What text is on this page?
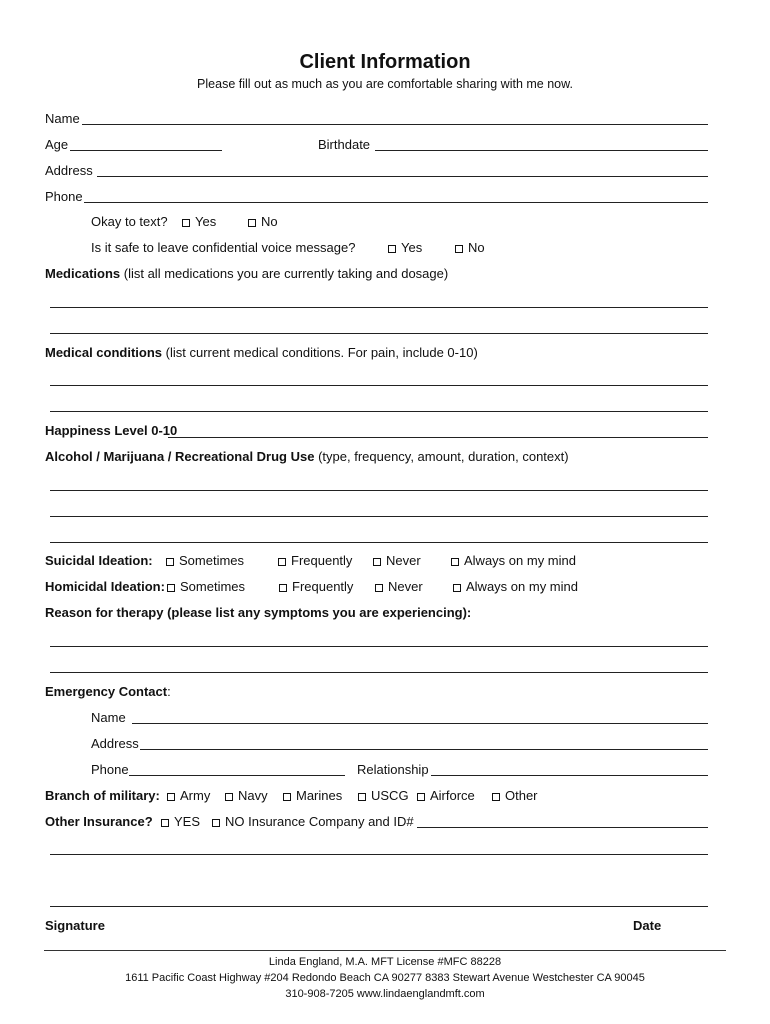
Client Information
Please fill out as much as you are comfortable sharing with me now.
Name
Age	Birthdate
Address
Phone
Okay to text?	Yes	No
Is it safe to leave confidential voice message?	Yes	No
Medications (list all medications you are currently taking and dosage)
Medical conditions (list current medical conditions. For pain, include 0-10)
Happiness Level 0-10
Alcohol / Marijuana / Recreational Drug Use (type, frequency, amount, duration, context)
Suicidal Ideation:	Sometimes	Frequently	Never	Always on my mind
Homicidal Ideation:	Sometimes	Frequently	Never	Always on my mind
Reason for therapy (please list any symptoms you are experiencing):
Emergency Contact:
Name
Address
Phone	Relationship
Branch of military:	Army	Navy	Marines	USCG	Airforce	Other
Other Insurance?	YES	NO Insurance Company and ID#
Signature	Date
Linda England, M.A. MFT License #MFC 88228
1611 Pacific Coast Highway #204 Redondo Beach CA 90277 8383 Stewart Avenue Westchester CA 90045
310-908-7205 www.lindaenglandmft.com
